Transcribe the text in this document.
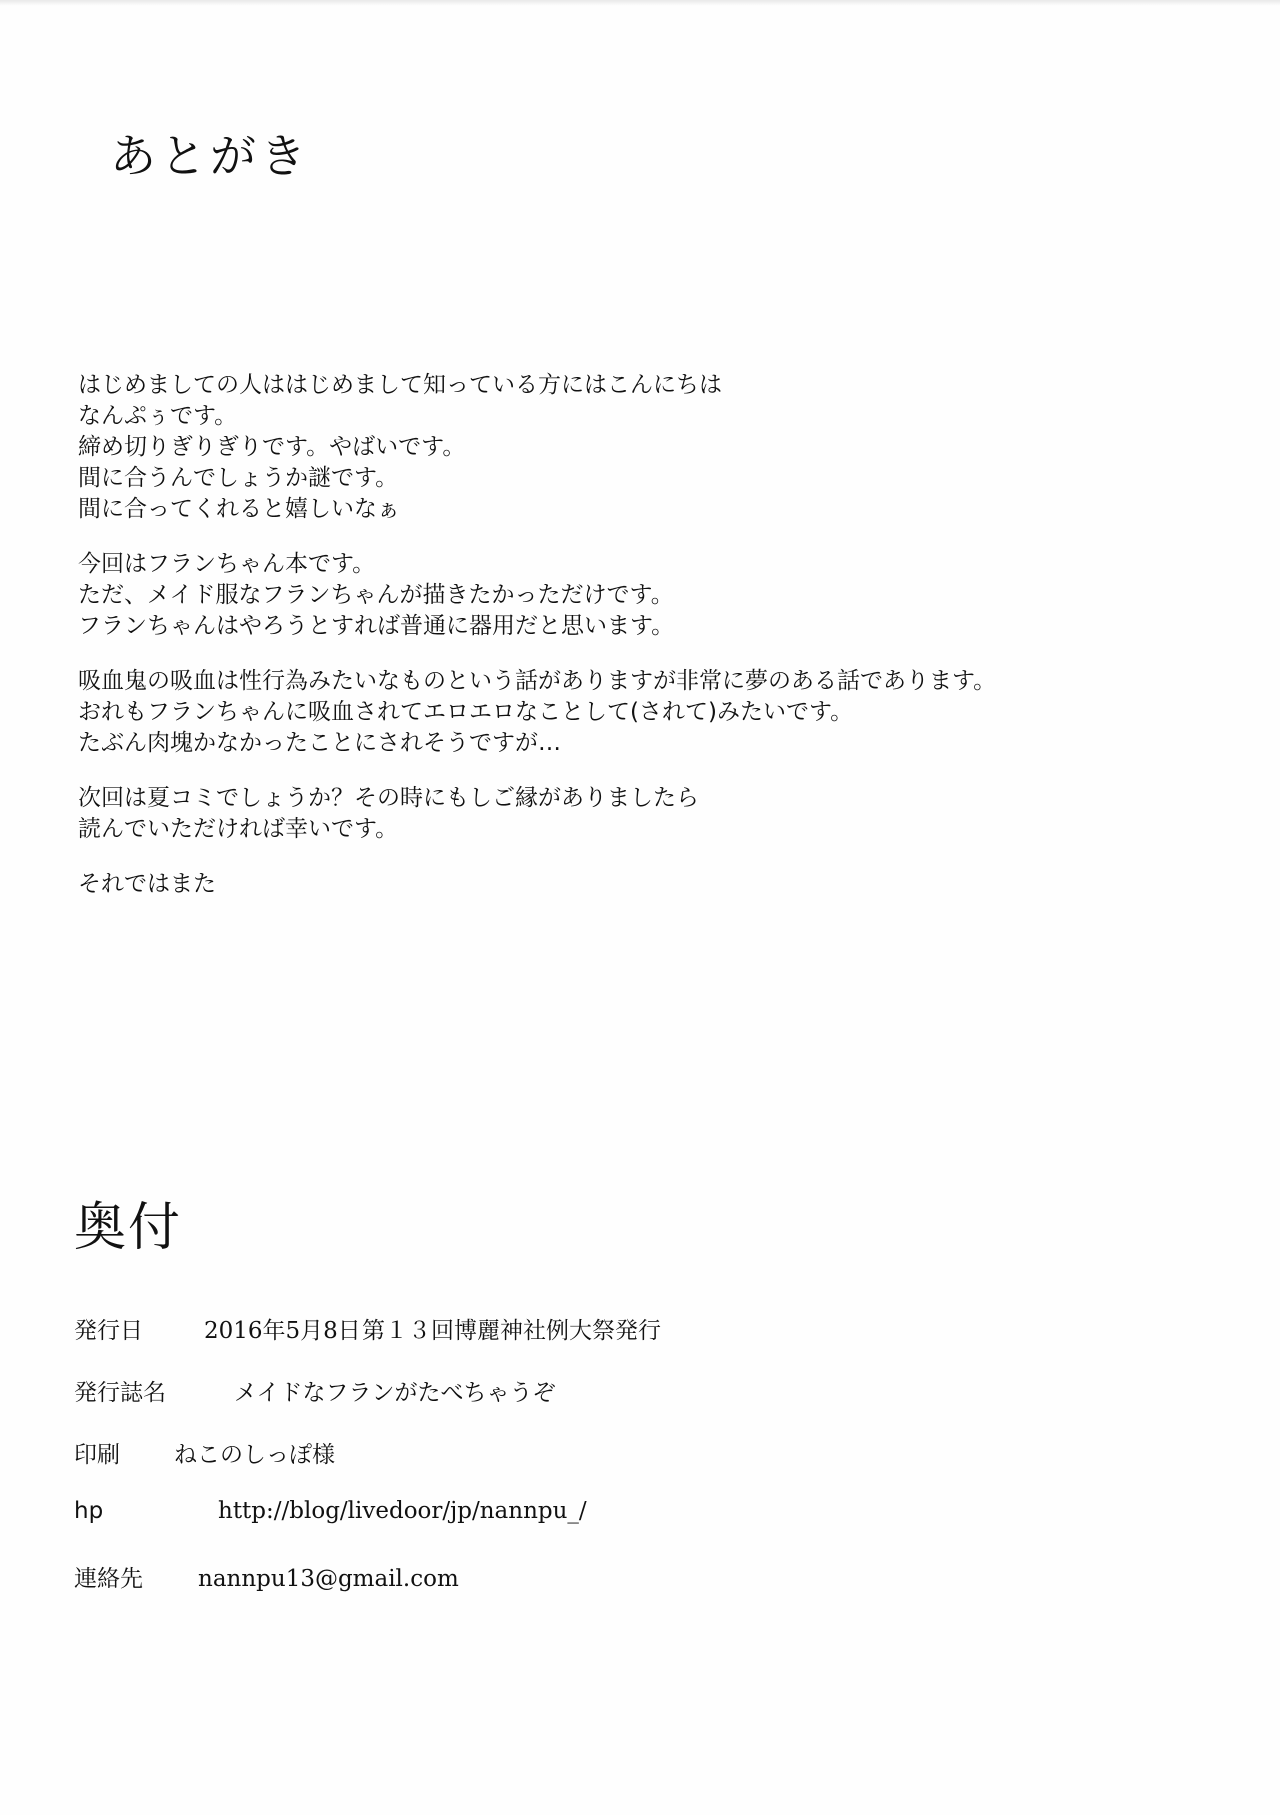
あとがき
はじめましての人ははじめまして知っている方にはこんにちは
なんぷぅです。
締め切りぎりぎりです。やばいです。
間に合うんでしょうか謎です。
間に合ってくれると嬉しいなぁ
今回はフランちゃん本です。
ただ、メイド服なフランちゃんが描きたかっただけです。
フランちゃんはやろうとすれば普通に器用だと思います。
吸血鬼の吸血は性行為みたいなものという話がありますが非常に夢のある話であります。
おれもフランちゃんに吸血されてエロエロなことして(されて)みたいです。
たぶん肉塊かなかったことにされそうですが…
次回は夏コミでしょうか？その時にもしご縁がありましたら
読んでいただければ幸いです。
それではまた
奥付
発行日	2016年5月8日 第１３回博麗神社例大祭発行
発行誌名	メイドなフランがたべちゃうぞ
印刷	ねこのしっぽ様
hp	http://blog/livedoor/jp/nannpu_/
連絡先	nannpu13@gmail.com
